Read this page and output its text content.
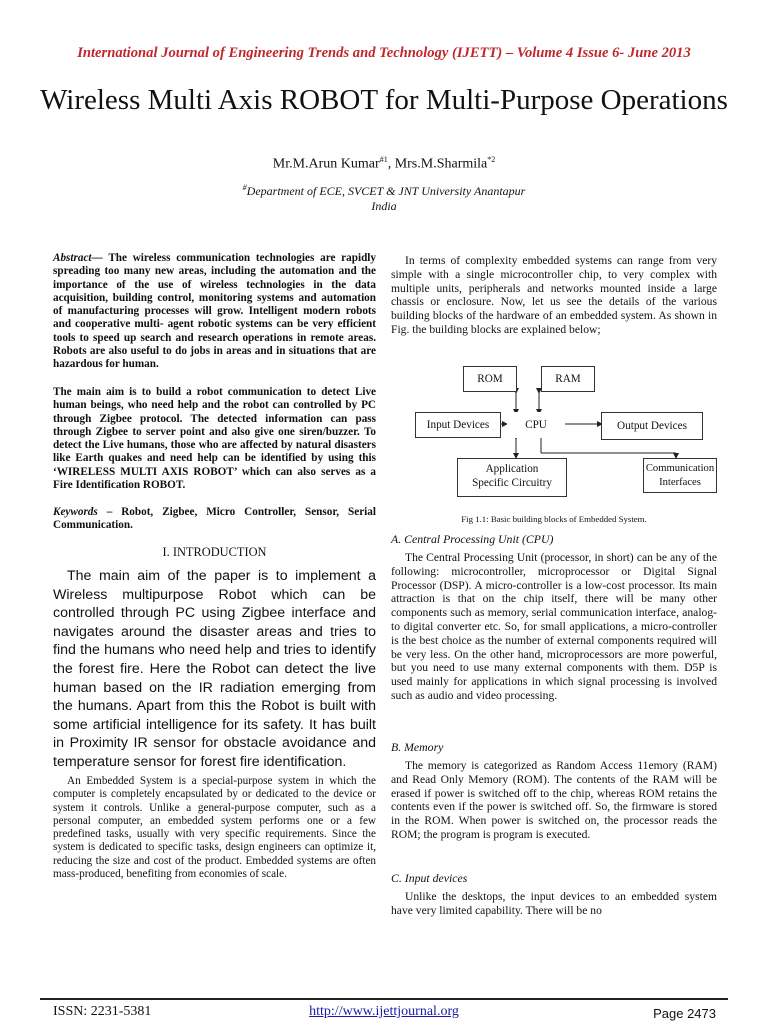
International Journal of Engineering Trends and Technology (IJETT) – Volume 4 Issue 6- June 2013
Wireless Multi Axis ROBOT for Multi-Purpose Operations
Mr.M.Arun Kumar$^{\#1}$, Mrs.M.Sharmila$^{*2}$
#Department of ECE, SVCET & JNT University Anantapur
India

Abstract— The wireless communication technologies are rapidly spreading too many new areas, including the automation and the importance of the use of wireless technologies in the data acquisition, building control, monitoring systems and automation of manufacturing processes will grow. Intelligent modern robots and cooperative multi- agent robotic systems can be very efficient tools to speed up search and research operations in remote areas. Robots are also useful to do jobs in areas and in situations that are hazardous for human.

The main aim is to build a robot communication to detect Live human beings, who need help and the robot can controlled by PC through Zigbee protocol. The detected information can pass through Zigbee to server point and also give one siren/buzzer. To detect the Live humans, those who are affected by natural disasters like Earth quakes and need help can be identified by using this ‘WIRELESS MULTI AXIS ROBOT’ which can also serves as a Fire Identification ROBOT.

Keywords – Robot, Zigbee, Micro Controller, Sensor, Serial Communication.

I. INTRODUCTION

The main aim of the paper is to implement a Wireless multipurpose Robot which can be controlled through PC using Zigbee interface and navigates around the disaster areas and tries to find the humans who need help and tries to identify the forest fire. Here the Robot can detect the live human based on the IR radiation emerging from the humans. Apart from this the Robot is built with some artificial intelligence for its safety. It has built in Proximity IR sensor for obstacle avoidance and temperature sensor for forest fire identification.

An Embedded System is a special-purpose system in which the computer is completely encapsulated by or dedicated to the device or system it controls. Unlike a general-purpose computer, such as a personal computer, an embedded system performs one or a few predefined tasks, usually with very specific requirements. Since the system is dedicated to specific tasks, design engineers can optimize it, reducing the size and cost of the product. Embedded systems are often mass-produced, benefiting from economies of scale.

In terms of complexity embedded systems can range from very simple with a single microcontroller chip, to very complex with multiple units, peripherals and networks mounted inside a large chassis or enclosure. Now, let us see the details of the various building blocks of the hardware of an embedded system. As shown in Fig. the building blocks are explained below;

ROM	RAM
Input Devices	CPU	Output Devices
Application
Specific Circuitry
Communication
Interfaces
Fig 1.1: Basic building blocks of Embedded System.
A. Central Processing Unit (CPU)

The Central Processing Unit (processor, in short) can be any of the following: microcontroller, microprocessor or Digital Signal Processor (DSP). A micro-controller is a low-cost processor. Its main attraction is that on the chip itself, there will be many other components such as memory, serial communication interface, analog-to digital converter etc. So, for small applications, a micro-controller is the best choice as the number of external components required will be very less. On the other hand, microprocessors are more powerful, but you need to use many external components with them. D5P is used mainly for applications in which signal processing is involved such as audio and video processing.

B. Memory

The memory is categorized as Random Access 11emory (RAM) and Read Only Memory (ROM). The contents of the RAM will be erased if power is switched off to the chip, whereas ROM retains the contents even if the power is switched off. So, the firmware is stored in the ROM. When power is switched on, the processor reads the ROM; the program is program is executed.

C. Input devices

Unlike the desktops, the input devices to an embedded system have very limited capability. There will be no

ISSN: 2231-5381	http://www.ijettjournal.org	Page 2473
